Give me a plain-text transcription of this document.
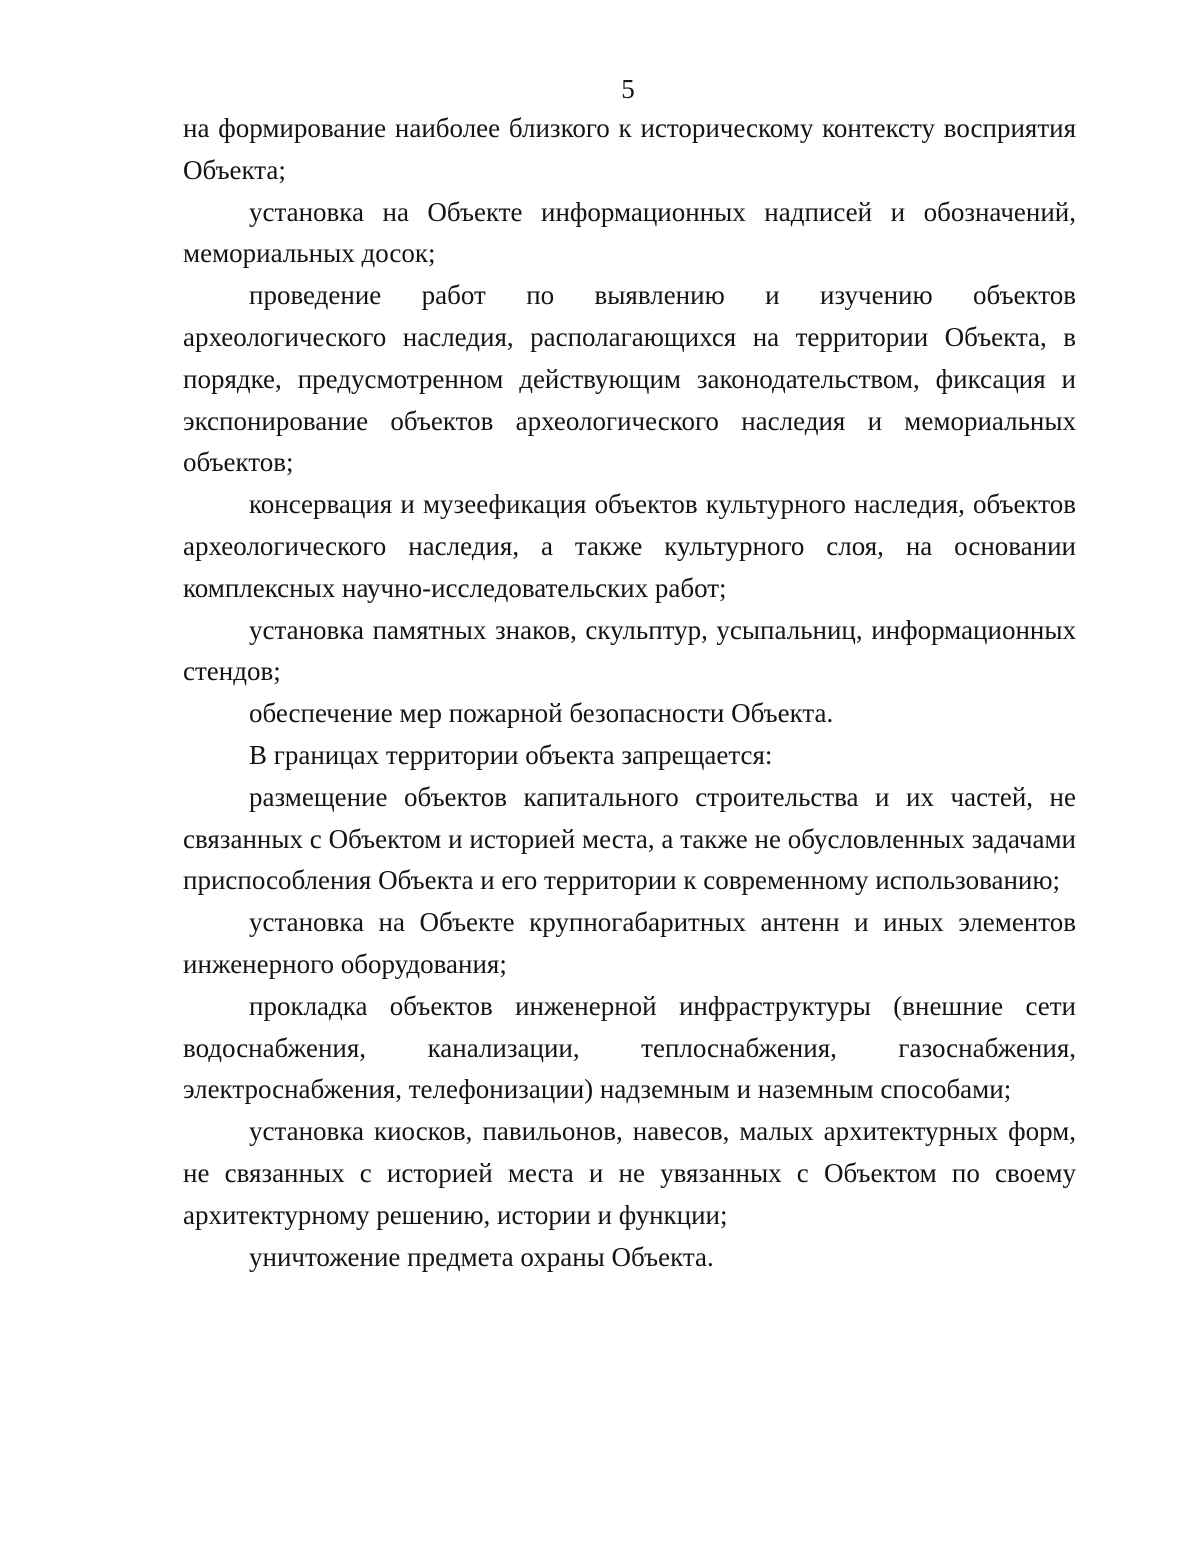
5

на формирование наиболее близкого к историческому контексту восприятия Объекта;

установка на Объекте информационных надписей и обозначений, мемориальных досок;

проведение работ по выявлению и изучению объектов археологического наследия, располагающихся на территории Объекта, в порядке, предусмотренном действующим законодательством, фиксация и экспонирование объектов археологического наследия и мемориальных объектов;

консервация и музеефикация объектов культурного наследия, объектов археологического наследия, а также культурного слоя, на основании комплексных научно-исследовательских работ;

установка памятных знаков, скульптур, усыпальниц, информационных стендов;

обеспечение мер пожарной безопасности Объекта.

В границах территории объекта запрещается:

размещение объектов капитального строительства и их частей, не связанных с Объектом и историей места, а также не обусловленных задачами приспособления Объекта и его территории к современному использованию;

установка на Объекте крупногабаритных антенн и иных элементов инженерного оборудования;

прокладка объектов инженерной инфраструктуры (внешние сети водоснабжения, канализации, теплоснабжения, газоснабжения, электроснабжения, телефонизации) надземным и наземным способами;

установка киосков, павильонов, навесов, малых архитектурных форм, не связанных с историей места и не увязанных с Объектом по своему архитектурному решению, истории и функции;

уничтожение предмета охраны Объекта.
